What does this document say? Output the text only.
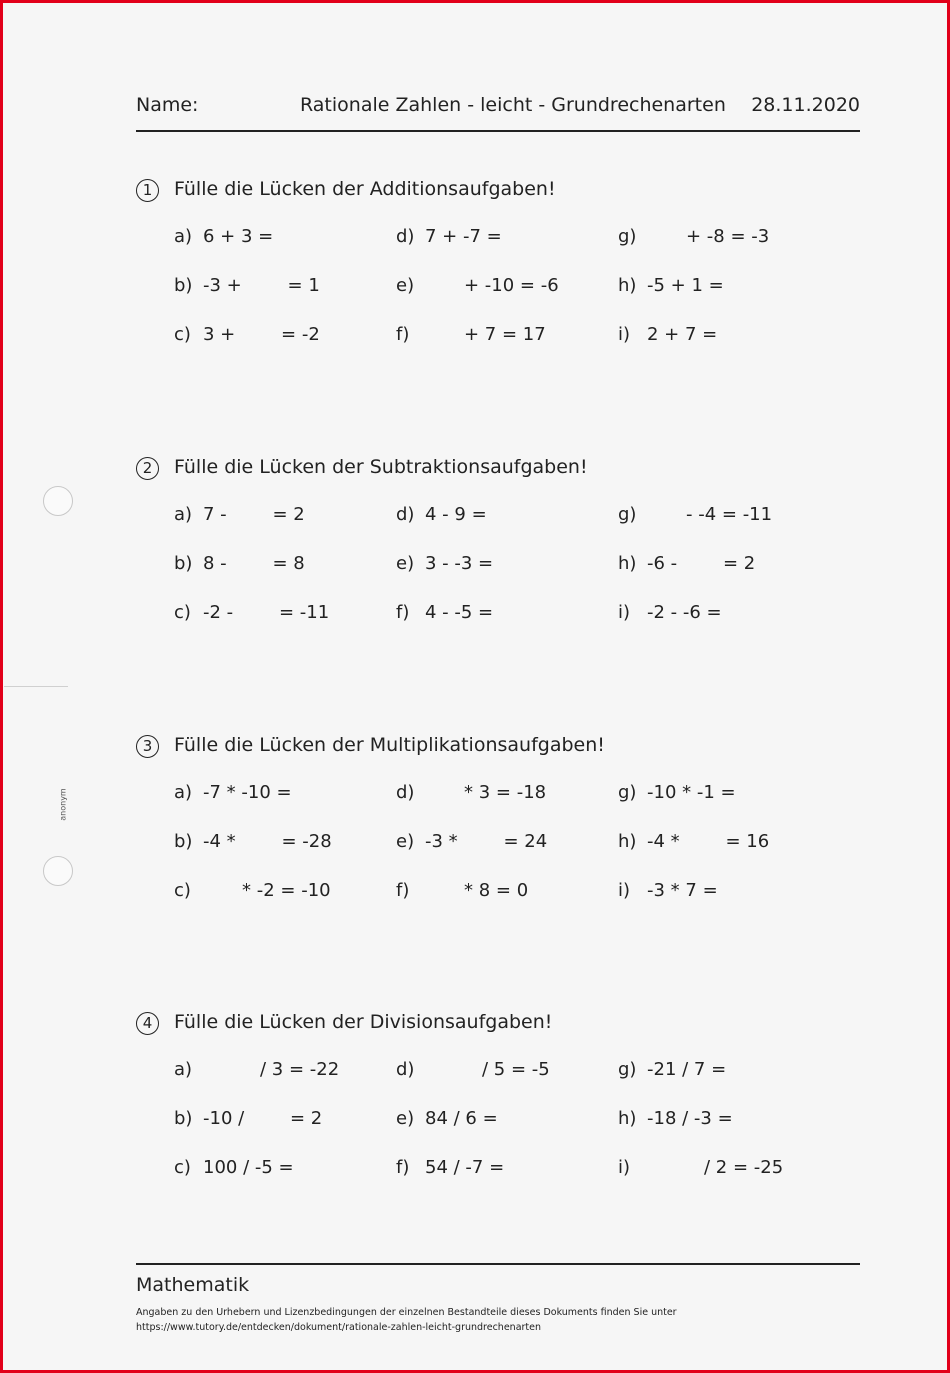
Name:	Rationale Zahlen - leicht - Grundrechenarten 28.11.2020
anonym
1	Fülle die Lücken der Additionsaufgaben!
a) 6 + 3 =	d) 7 + -7 =	g)	+ -8 = -3
b) -3 +        = 1	e)	+ -10 = -6	h) -5 + 1 =
c) 3 +        = -2	f)	+ 7 = 17	i) 2 + 7 =
2	Fülle die Lücken der Subtraktionsaufgaben!
a) 7 -        = 2	d) 4 - 9 =	g)	- -4 = -11
b) 8 -        = 8	e) 3 - -3 =	h) -6 -        = 2
c) -2 -        = -11	f) 4 - -5 =	i) -2 - -6 =
3	Fülle die Lücken der Multiplikationsaufgaben!
a) -7 * -10 =	d)	* 3 = -18	g) -10 * -1 =
b) -4 *        = -28	e) -3 *        = 24	h) -4 *        = 16
c)	* -2 = -10	f)	* 8 = 0	i) -3 * 7 =
4	Fülle die Lücken der Divisionsaufgaben!
a)	/ 3 = -22	d)	/ 5 = -5	g) -21 / 7 =
b) -10 /        = 2	e) 84 / 6 =	h) -18 / -3 =
c) 100 / -5 =	f) 54 / -7 =	i)	/ 2 = -25
Mathematik
Angaben zu den Urhebern und Lizenzbedingungen der einzelnen Bestandteile dieses Dokuments finden Sie unter
https://www.tutory.de/entdecken/dokument/rationale-zahlen-leicht-grundrechenarten
